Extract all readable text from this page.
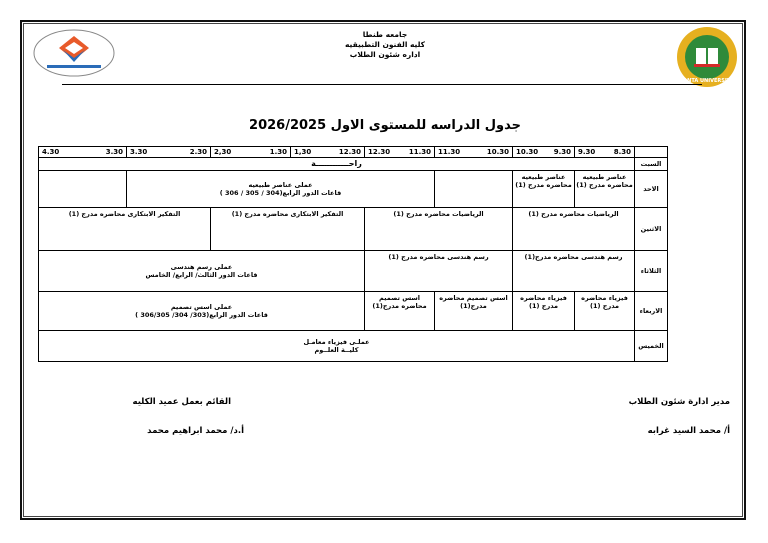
TANTA UNIVERSITY
جامعه طنطا
كليه الفنون التطبيقيه
اداره شئون الطلاب
جدول الدراسه للمستوى الاول 2026/2025

	9.30 8.30	10.30 9.30	11.30 10.30	12.30 11.30	1,30 12.30	2,30 1.30	3.30 2.30	4.30 3.30

السبت	راحــــــــــــة							
الاحد	عناصر طبيعيه محاضره مدرج (1)	عناصر طبيعيه محاضره مدرج (1)		عملى عناصر طبيعيه
قاعات الدور الرابع(304 / 305 / 306 )				

الاثنين	الرياضيات محاضره مدرج (1)		الرياضيات محاضره مدرج (1)		التفكير الابتكارى محاضره مدرج (1)		التفكير الابتكارى محاضره مدرج (1)	
الثلاثاء	رسم هندسى محاضره مدرج(1)		رسم هندسى محاضره مدرج (1)		عملى رسم هندسى
قاعات الدور الثالث/ الرابع/ الخامس			

الاربعاء	فيزياء محاضره مدرج (1)	فيزياء محاضره مدرج (1)	اسس تصميم محاضره مدرج(1)	اسس تصميم محاضره مدرج(1)	عملى اسس تصميم
قاعات الدور الرابع(303/ 304/ 306/305 )			

الخميس	عملـى فيزياء معامـل
كليــة العلــوم							
مدير ادارة شئون الطلاب
أ/ محمد السيد غرابه
القائم بعمل عميد الكليه
أ.د/ محمد ابراهيم محمد
